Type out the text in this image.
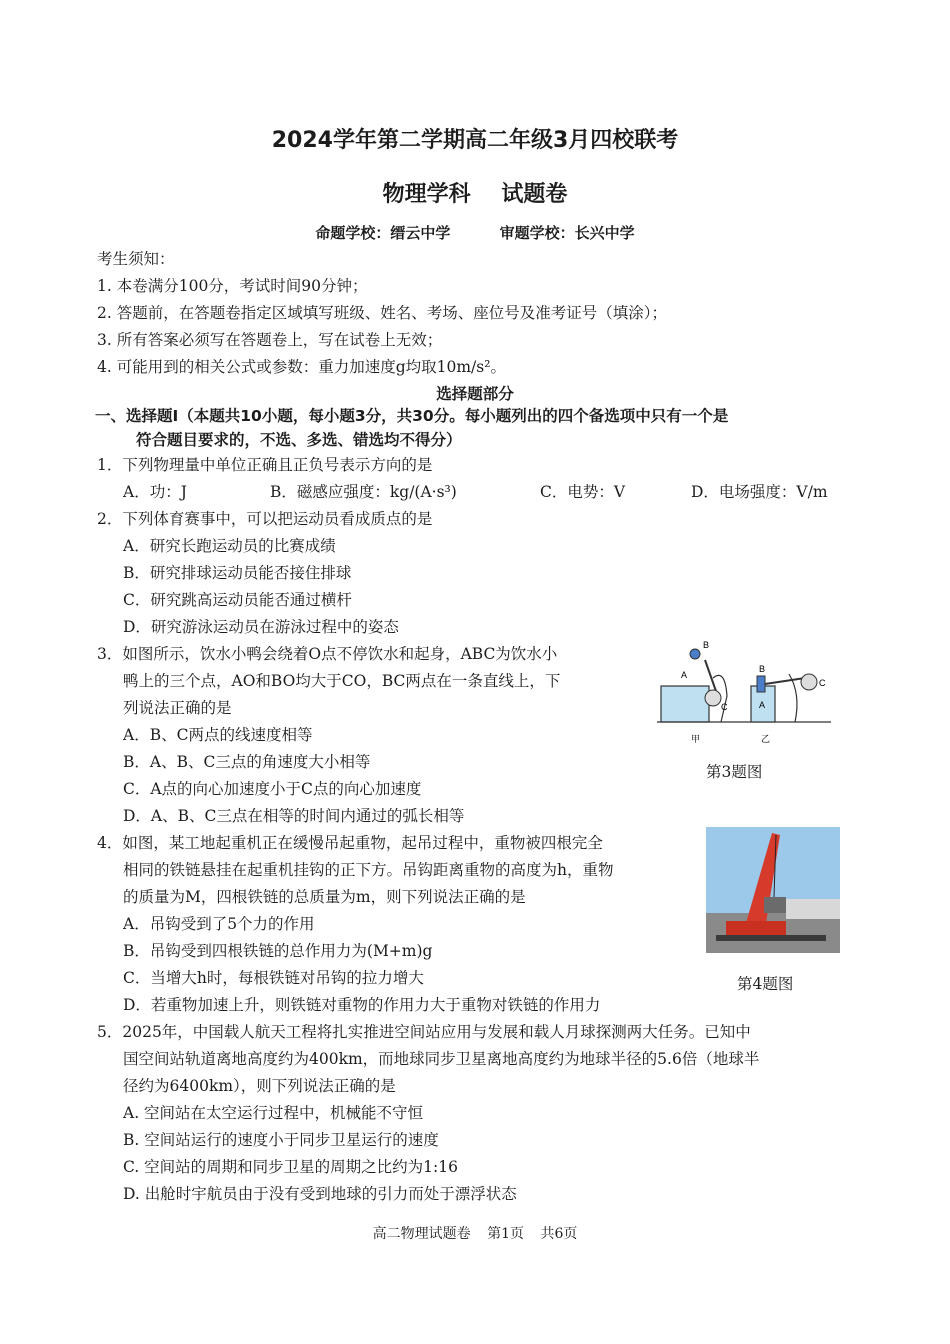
2024学年第二学期高二年级3月四校联考
物理学科 试题卷
命题学校：缙云中学	审题学校：长兴中学
考生须知：
1. 本卷满分100分，考试时间90分钟；
2. 答题前，在答题卷指定区域填写班级、姓名、考场、座位号及准考证号（填涂）；
3. 所有答案必须写在答题卷上，写在试卷上无效；
4. 可能用到的相关公式或参数：重力加速度g均取10m/s²。
选择题部分
一、选择题Ⅰ（本题共10小题，每小题3分，共30分。每小题列出的四个备选项中只有一个是
符合题目要求的，不选、多选、错选均不得分）
1．下列物理量中单位正确且正负号表示方向的是
A．功：J	B．磁感应强度：kg/(A·s³)	C．电势：V	D．电场强度：V/m
2．下列体育赛事中，可以把运动员看成质点的是
A．研究长跑运动员的比赛成绩
B．研究排球运动员能否接住排球
C．研究跳高运动员能否通过横杆
D．研究游泳运动员在游泳过程中的姿态
3．如图所示，饮水小鸭会绕着O点不停饮水和起身，ABC为饮水小
鸭上的三个点，AO和BO均大于CO，BC两点在一条直线上，下
列说法正确的是
A．B、C两点的线速度相等
B．A、B、C三点的角速度大小相等
C．A点的向心加速度小于C点的向心加速度
D．A、B、C三点在相等的时间内通过的弧长相等
B
A
C
B
A
C
甲	乙
第3题图
4．如图，某工地起重机正在缓慢吊起重物，起吊过程中，重物被四根完全
相同的铁链悬挂在起重机挂钩的正下方。吊钩距离重物的高度为h，重物
的质量为M，四根铁链的总质量为m，则下列说法正确的是
A．吊钩受到了5个力的作用
B．吊钩受到四根铁链的总作用力为(M+m)g
C．当增大h时，每根铁链对吊钩的拉力增大
D．若重物加速上升，则铁链对重物的作用力大于重物对铁链的作用力
第4题图
5．2025年，中国载人航天工程将扎实推进空间站应用与发展和载人月球探测两大任务。已知中
国空间站轨道离地高度约为400km，而地球同步卫星离地高度约为地球半径的5.6倍（地球半
径约为6400km），则下列说法正确的是
A. 空间站在太空运行过程中，机械能不守恒
B. 空间站运行的速度小于同步卫星运行的速度
C. 空间站的周期和同步卫星的周期之比约为1:16
D. 出舱时宇航员由于没有受到地球的引力而处于漂浮状态
高二物理试题卷 第1页 共6页
